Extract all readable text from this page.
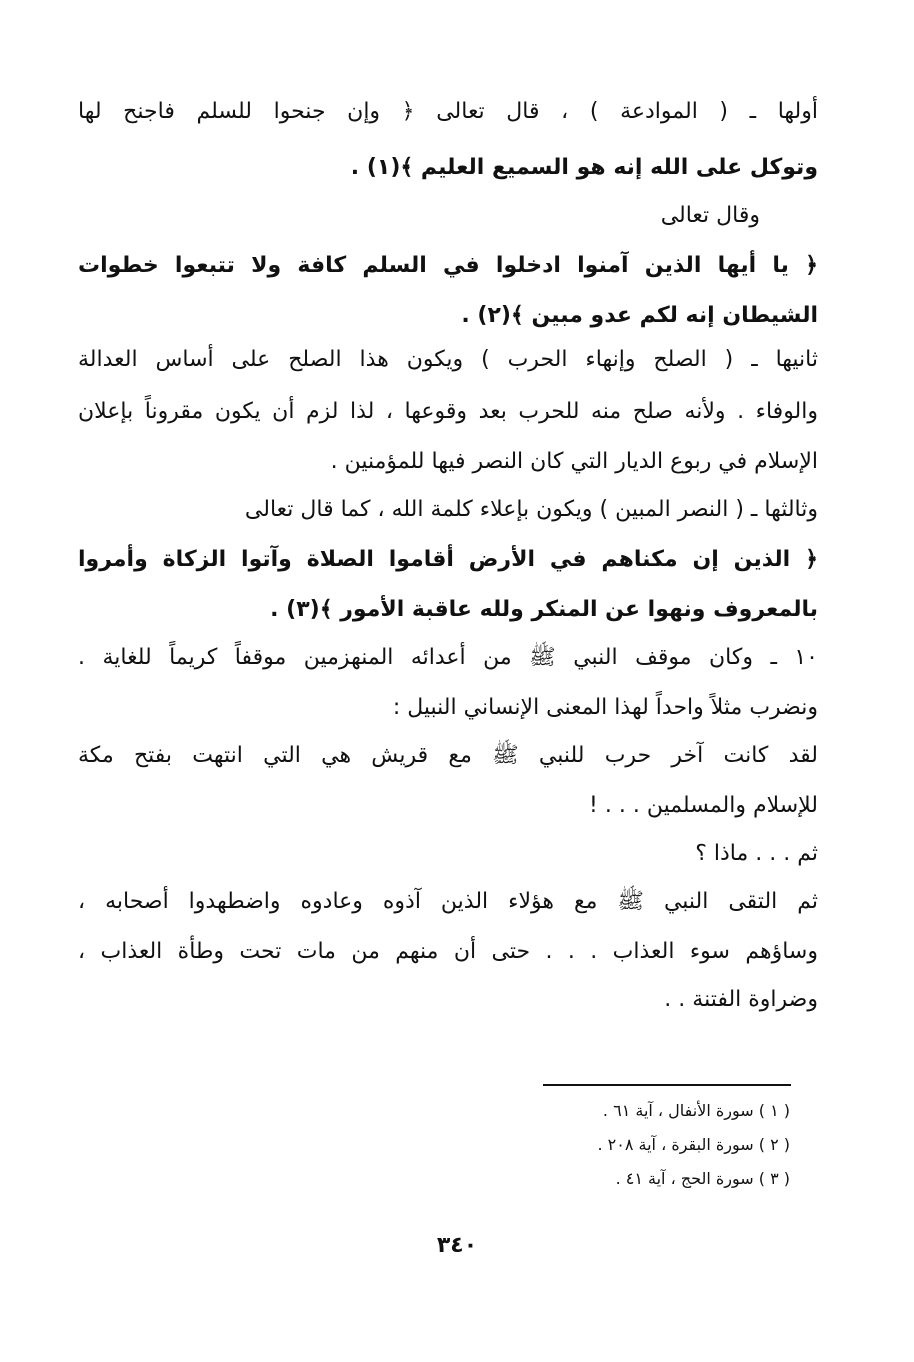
أولها ـ ( الموادعة ) ، قال تعالى ﴿ وإن جنحوا للسلم فاجنح لها
وتوكل على الله إنه هو السميع العليم ﴾(١) .
وقال تعالى
﴿ يا أيها الذين آمنوا ادخلوا في السلم كافة ولا تتبعوا خطوات
الشيطان إنه لكم عدو مبين ﴾(٢) .
ثانيها ـ ( الصلح وإنهاء الحرب ) ويكون هذا الصلح على أساس العدالة
والوفاء . ولأنه صلح منه للحرب بعد وقوعها ، لذا لزم أن يكون مقروناً بإعلان
الإسلام في ربوع الديار التي كان النصر فيها للمؤمنين .
وثالثها ـ ( النصر المبين ) ويكون بإعلاء كلمة الله ، كما قال تعالى
﴿ الذين إن مكناهم في الأرض أقاموا الصلاة وآتوا الزكاة وأمروا
بالمعروف ونهوا عن المنكر ولله عاقبة الأمور ﴾(٣) .
١٠ ـ وكان موقف النبي ﷺ من أعدائه المنهزمين موقفاً كريماً للغاية .
ونضرب مثلاً واحداً لهذا المعنى الإنساني النبيل :
لقد كانت آخر حرب للنبي ﷺ مع قريش هي التي انتهت بفتح مكة
للإسلام والمسلمين . . . !
ثم . . . ماذا ؟
ثم التقى النبي ﷺ مع هؤلاء الذين آذوه وعادوه واضطهدوا أصحابه ،
وساؤهم سوء العذاب . . . حتى أن منهم من مات تحت وطأة العذاب ،
وضراوة الفتنة . .
( ١ ) سورة الأنفال ، آية ٦١ .
( ٢ ) سورة البقرة ، آية ٢٠٨ .
( ٣ ) سورة الحج ، آية ٤١ .
٣٤٠
